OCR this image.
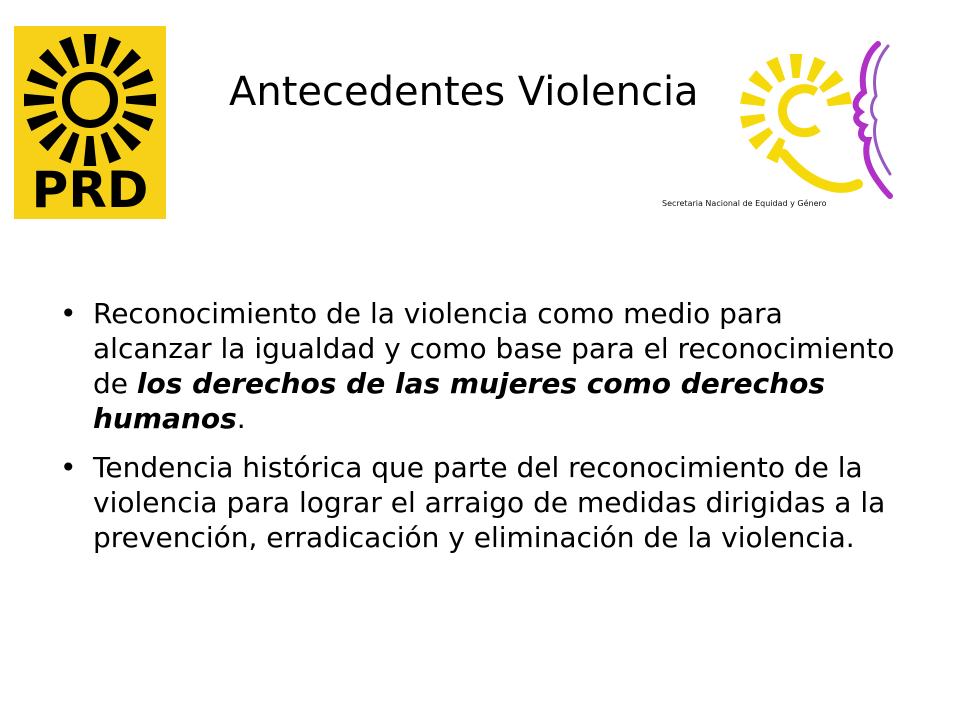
PRD
Antecedentes Violencia
Secretaria Nacional de Equidad y Género
• Reconocimiento de la violencia como medio para alcanzar la igualdad y como base para el reconocimiento de los derechos de las mujeres como derechos humanos.
• Tendencia histórica que parte del reconocimiento de la violencia para lograr el arraigo de medidas dirigidas a la prevención, erradicación y eliminación de la violencia.
